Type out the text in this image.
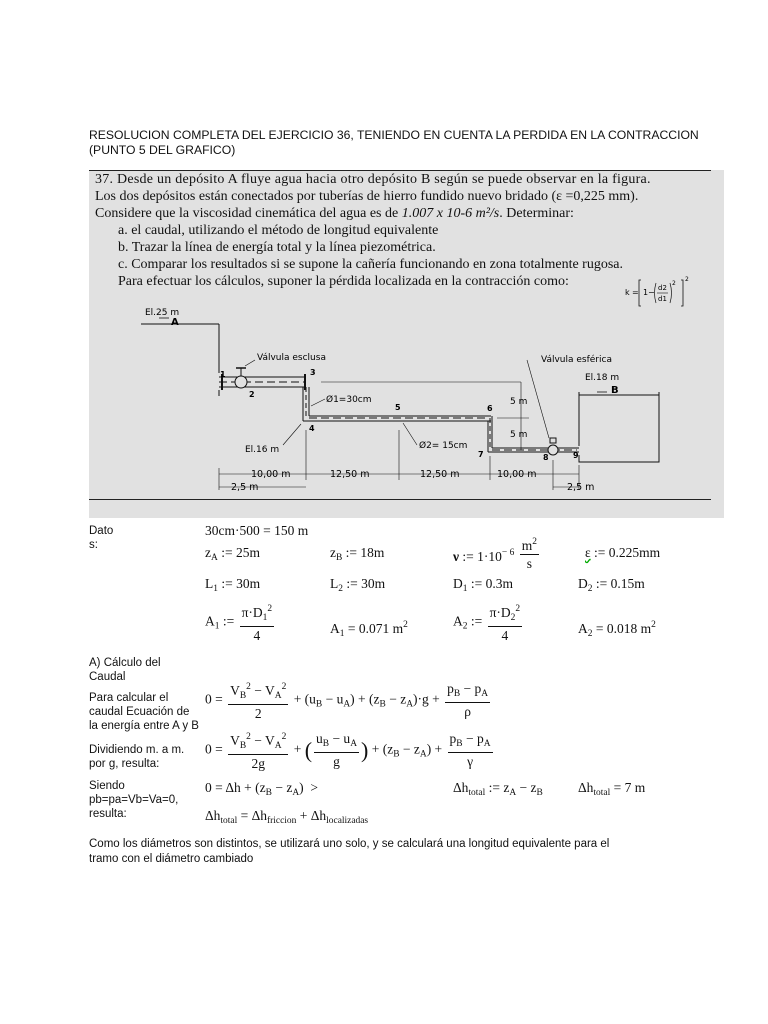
RESOLUCION COMPLETA DEL EJERCICIO 36, TENIENDO EN CUENTA LA PERDIDA EN LA CONTRACCION
(PUNTO 5 DEL GRAFICO)
37. Desde un depósito A fluye agua hacia otro depósito B según se puede observar en la figura.
Los dos depósitos están conectados por tuberías de hierro fundido nuevo bridado (ε =0,225 mm).
Considere que la viscosidad cinemática del agua es de 1.007 x 10-6 m²/s. Determinar:
a. el caudal, utilizando el método de longitud equivalente
b. Trazar la línea de energía total y la línea piezométrica.
c. Comparar los resultados si se supone la cañería funcionando en zona totalmente rugosa.
Para efectuar los cálculos, suponer la pérdida localizada en la contracción como:
k = 1 − d2
d1
2
2
El.25 m
A
Válvula esclusa
1
2
3
4
Ø1=30cm
5
Ø2= 15cm
6
7
Válvula esférica
8	9
El.18 m
B
5 m
5 m
El.16 m
10,00 m	12,50 m	12,50 m	10,00 m
2,5 m	2,5 m
Dato
s:
30cm·500 = 150 m
$z_A$ := 25m	$z_B$ := 18m	ν := $1\cdot 10^{- 6} \frac{m^2}{s}$	ε := 0.225mm
$L_1$ := 30m	$L_2$ := 30m	$D_1$ := 0.3m	$D_2$ := 0.15m
$A_1$ := $\frac{\pi\cdot D_1^2}{4}$	$A_1 = 0.071$ $m^2$	$A_2$ := $\frac{\pi\cdot D_2^2}{4}$	$A_2 = 0.018$ $m^2$
A) Cálculo del Caudal
Para calcular el caudal Ecuación de la energía entre A y B
$0 = \frac{V_B^2 - V_A^2}{2} + (u_B - u_A) + (z_B - z_A)\cdot g + \frac{p_B - p_A}{\rho}$
Dividiendo m. a m. por g, resulta:
$0 = \frac{V_B^2 - V_A^2}{2g}$ + ( $\frac{u_B - u_A}{g}$ ) + $(z_B - z_A) + \frac{p_B - p_A}{\gamma}$
Siendo pb=pa=Vb=Va=0, resulta:
$0 = \Delta h + (z_B - z_A)$  >	$\Delta h_{total}$ := $z_A - z_B$	$\Delta h_{total} = 7$ m
$\Delta h_{total} = \Delta h_{friccion} + \Delta h_{localizadas}$
Como los diámetros son distintos, se utilizará uno solo, y se calculará una longitud equivalente para el
tramo con el diámetro cambiado
